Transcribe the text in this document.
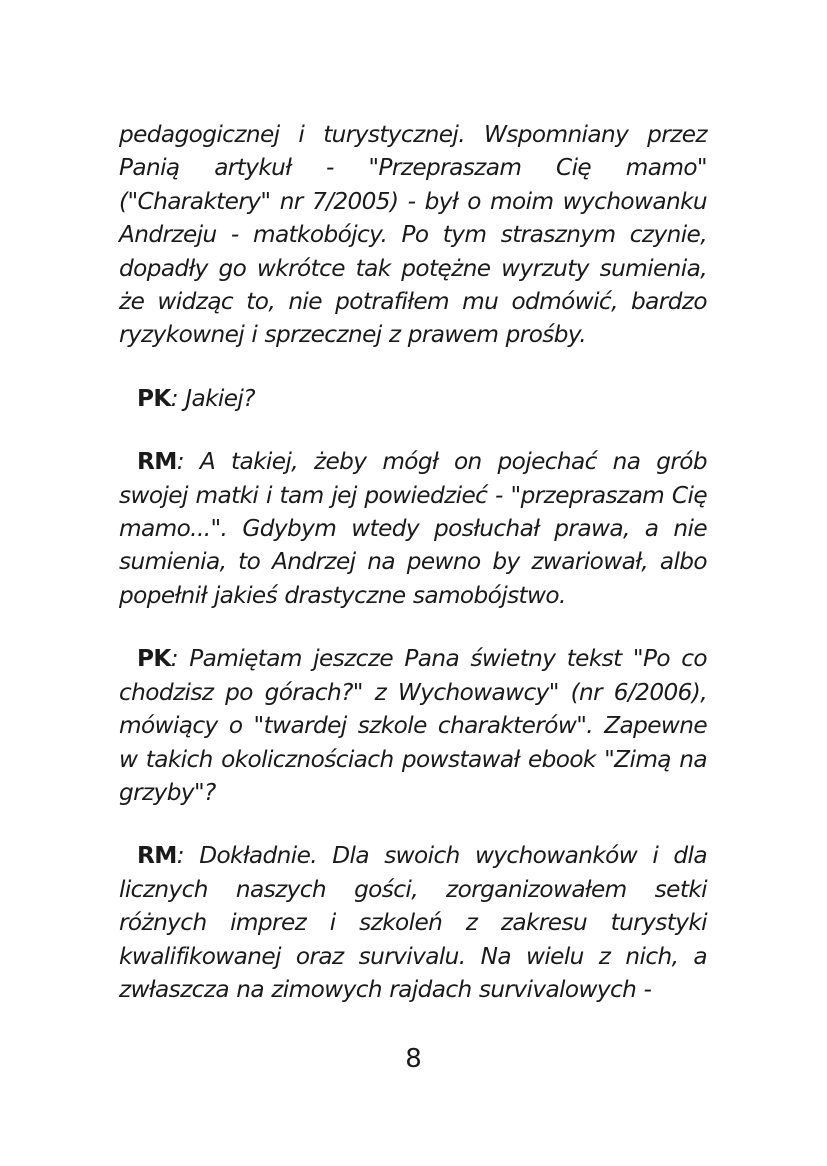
pedagogicznej i turystycznej. Wspomniany przez Panią artykuł - "Przepraszam Cię mamo" ("Charaktery" nr 7/2005) - był o moim wychowanku Andrzeju - matkobójcy. Po tym strasznym czynie, dopadły go wkrótce tak potężne wyrzuty sumienia, że widząc to, nie potrafiłem mu odmówić, bardzo ryzykownej i sprzecznej z prawem prośby.

PK: Jakiej?

RM: A takiej, żeby mógł on pojechać na grób swojej matki i tam jej powiedzieć - "przepraszam Cię mamo...". Gdybym wtedy posłuchał prawa, a nie sumienia, to Andrzej na pewno by zwariował, albo popełnił jakieś drastyczne samobójstwo.

PK: Pamiętam jeszcze Pana świetny tekst "Po co chodzisz po górach?" z Wychowawcy" (nr 6/2006), mówiący o "twardej szkole charakterów". Zapewne w takich okolicznościach powstawał ebook "Zimą na grzyby"?

RM: Dokładnie. Dla swoich wychowanków i dla licznych naszych gości, zorganizowałem setki różnych imprez i szkoleń z zakresu turystyki kwalifikowanej oraz survivalu. Na wielu z nich, a zwłaszcza na zimowych rajdach survivalowych -

8
